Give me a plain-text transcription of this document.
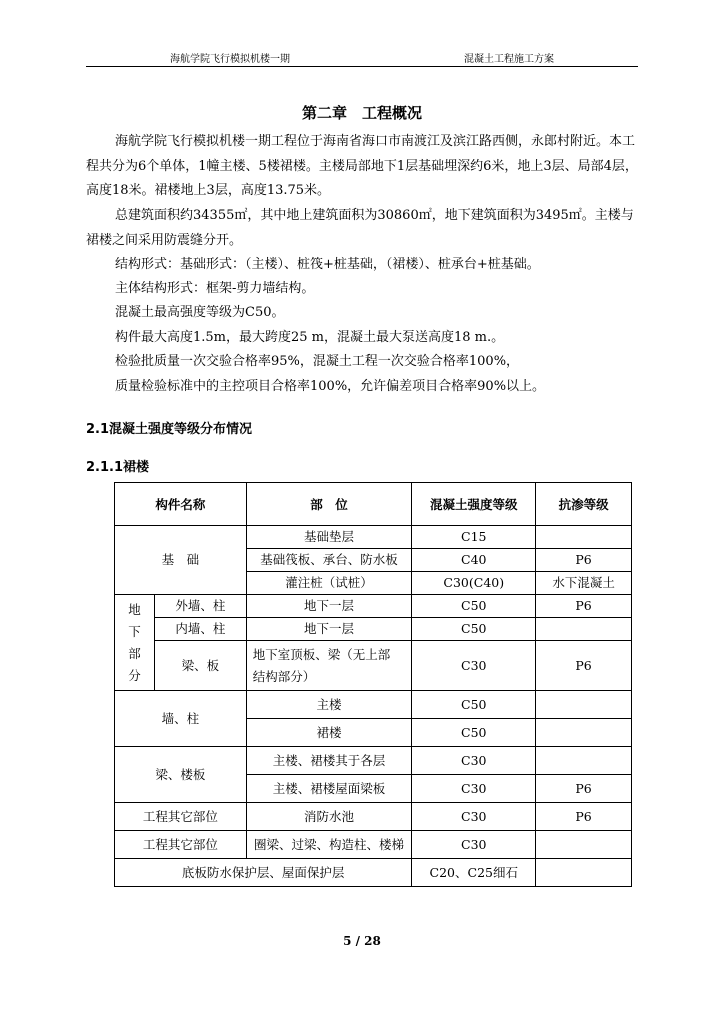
海航学院飞行模拟机楼一期	混凝土工程施工方案
第二章　工程概况

海航学院飞行模拟机楼一期工程位于海南省海口市南渡江及滨江路西侧，永郎村附近。本工程共分为6个单体，1幢主楼、5楼裙楼。主楼局部地下1层基础埋深约6米，地上3层、局部4层，高度18米。裙楼地上3层，高度13.75米。

总建筑面积约34355㎡，其中地上建筑面积为30860㎡，地下建筑面积为3495㎡。主楼与裙楼之间采用防震缝分开。

结构形式：基础形式：（主楼）、桩筏+桩基础，（裙楼）、桩承台+桩基础。

主体结构形式：框架-剪力墙结构。

混凝土最高强度等级为C50。

构件最大高度1.5m，最大跨度25 m，混凝土最大泵送高度18 m.。

检验批质量一次交验合格率95%，混凝土工程一次交验合格率100%，

质量检验标准中的主控项目合格率100%，允许偏差项目合格率90%以上。

2.1混凝土强度等级分布情况
2.1.1裙楼
构件名称		部　位	混凝土强度等级	抗渗等级
基　础		基础垫层	C15	
		基础筏板、承台、防水板	C40	P6
		灌注桩（试桩）	C30(C40)	水下混凝土

地
下
部
分	外墙、柱	地下一层	C50	P6
	内墙、柱	地下一层	C50	
	梁、板	地下室顶板、梁（无上部
结构部分）	C30	P6
墙、柱		主楼	C50	
		裙楼	C50	
梁、楼板		主楼、裙楼其于各层	C30	
		主楼、裙楼屋面梁板	C30	P6
工程其它部位		消防水池	C30	P6
工程其它部位		圈梁、过梁、构造柱、楼梯	C30	
底板防水保护层、屋面保护层			C20、C25细石	
5 / 28
